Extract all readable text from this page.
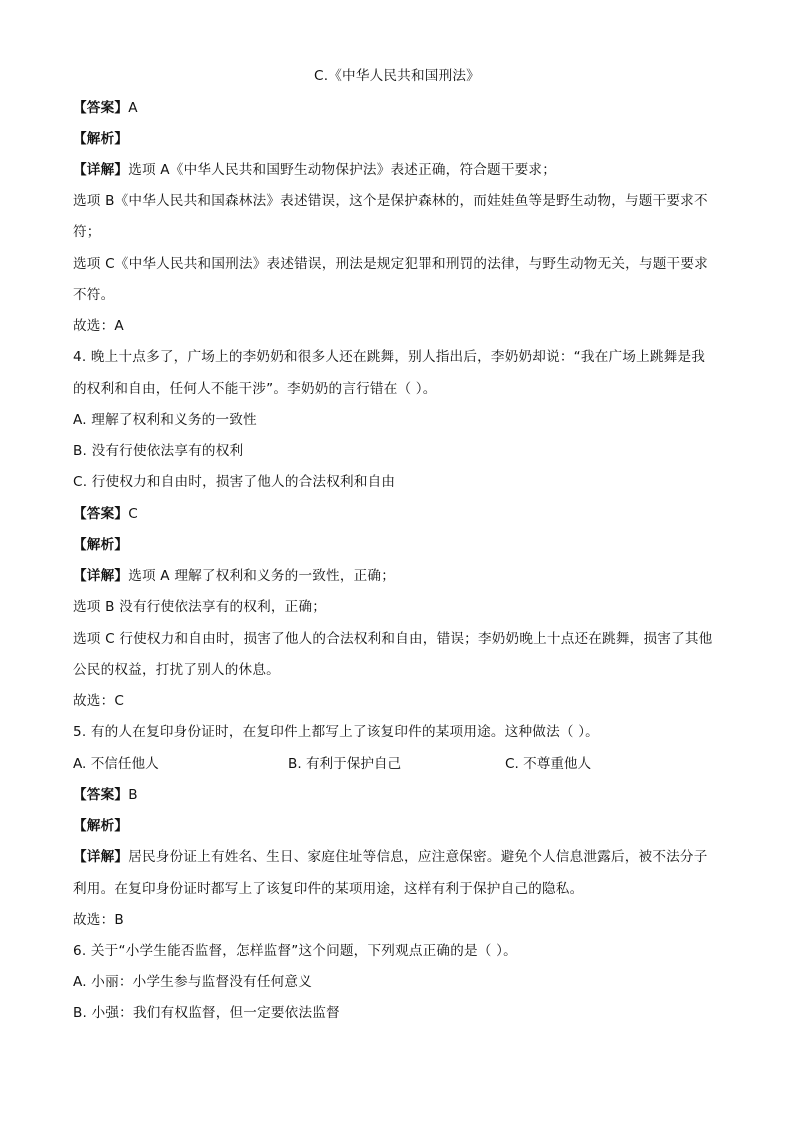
C.《中华人民共和国刑法》
【答案】A
【解析】
【详解】选项 A《中华人民共和国野生动物保护法》表述正确，符合题干要求；
选项 B《中华人民共和国森林法》表述错误，这个是保护森林的，而娃娃鱼等是野生动物，与题干要求不
符；
选项 C《中华人民共和国刑法》表述错误，刑法是规定犯罪和刑罚的法律，与野生动物无关，与题干要求
不符。
故选：A
4. 晚上十点多了，广场上的李奶奶和很多人还在跳舞，别人指出后，李奶奶却说：“我在广场上跳舞是我
的权利和自由，任何人不能干涉”。李奶奶的言行错在（ ）。
A. 理解了权利和义务的一致性
B. 没有行使依法享有的权利
C. 行使权力和自由时，损害了他人的合法权利和自由
【答案】C
【解析】
【详解】选项 A 理解了权利和义务的一致性，正确；
选项 B 没有行使依法享有的权利，正确；
选项 C 行使权力和自由时，损害了他人的合法权利和自由，错误；李奶奶晚上十点还在跳舞，损害了其他
公民的权益，打扰了别人的休息。
故选：C
5. 有的人在复印身份证时，在复印件上都写上了该复印件的某项用途。这种做法（ ）。
A. 不信任他人	B. 有利于保护自己	C. 不尊重他人
【答案】B
【解析】
【详解】居民身份证上有姓名、生日、家庭住址等信息，应注意保密。避免个人信息泄露后，被不法分子
利用。在复印身份证时都写上了该复印件的某项用途，这样有利于保护自己的隐私。
故选：B
6. 关于“小学生能否监督，怎样监督”这个问题，下列观点正确的是（ ）。
A. 小丽：小学生参与监督没有任何意义
B. 小强：我们有权监督，但一定要依法监督
